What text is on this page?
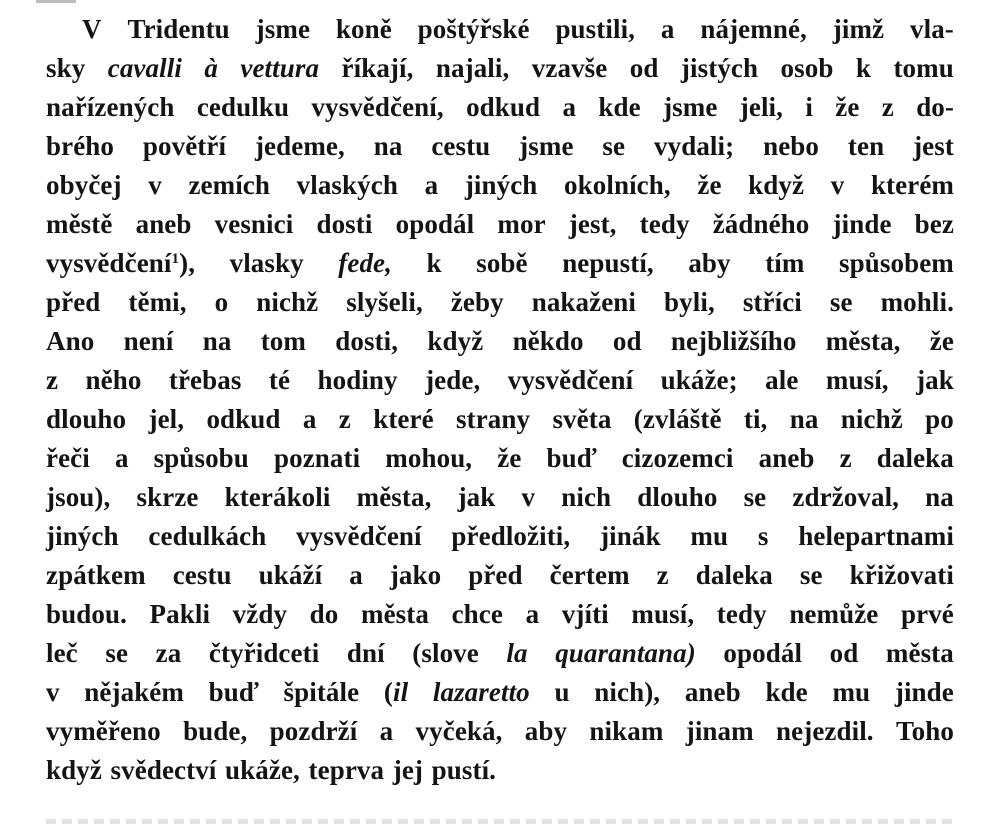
V Tridentu jsme koně poštýřské pustili, a nájemné, jimž vla-
sky cavalli à vettura říkají, najali, vzavše od jistých osob k tomu
nařízených cedulku vysvědčení, odkud a kde jsme jeli, i že z do-
brého povětří jedeme, na cestu jsme se vydali; nebo ten jest
obyčej v zemích vlaských a jiných okolních, že když v kterém
městě aneb vesnici dosti opodál mor jest, tedy žádného jinde bez
vysvědčení$^1$), vlasky fede, k sobě nepustí, aby tím spůsobem
před těmi, o nichž slyšeli, žeby nakaženi byli, stříci se mohli.
Ano není na tom dosti, když někdo od nejbližšího města, že
z něho třebas té hodiny jede, vysvědčení ukáže; ale musí, jak
dlouho jel, odkud a z které strany světa (zvláště ti, na nichž po
řeči a spůsobu poznati mohou, že buď cizozemci aneb z daleka
jsou), skrze kterákoli města, jak v nich dlouho se zdržoval, na
jiných cedulkách vysvědčení předložiti, jinák mu s helepartnami
zpátkem cestu ukáží a jako před čertem z daleka se křižovati
budou. Pakli vždy do města chce a vjíti musí, tedy nemůže prvé
leč se za čtyřidceti dní (slove la quarantana) opodál od města
v nějakém buď špitále (il lazaretto u nich), aneb kde mu jinde
vyměřeno bude, pozdrží a vyčeká, aby nikam jinam nejezdil. Toho
když svědectví ukáže, teprva jej pustí.
